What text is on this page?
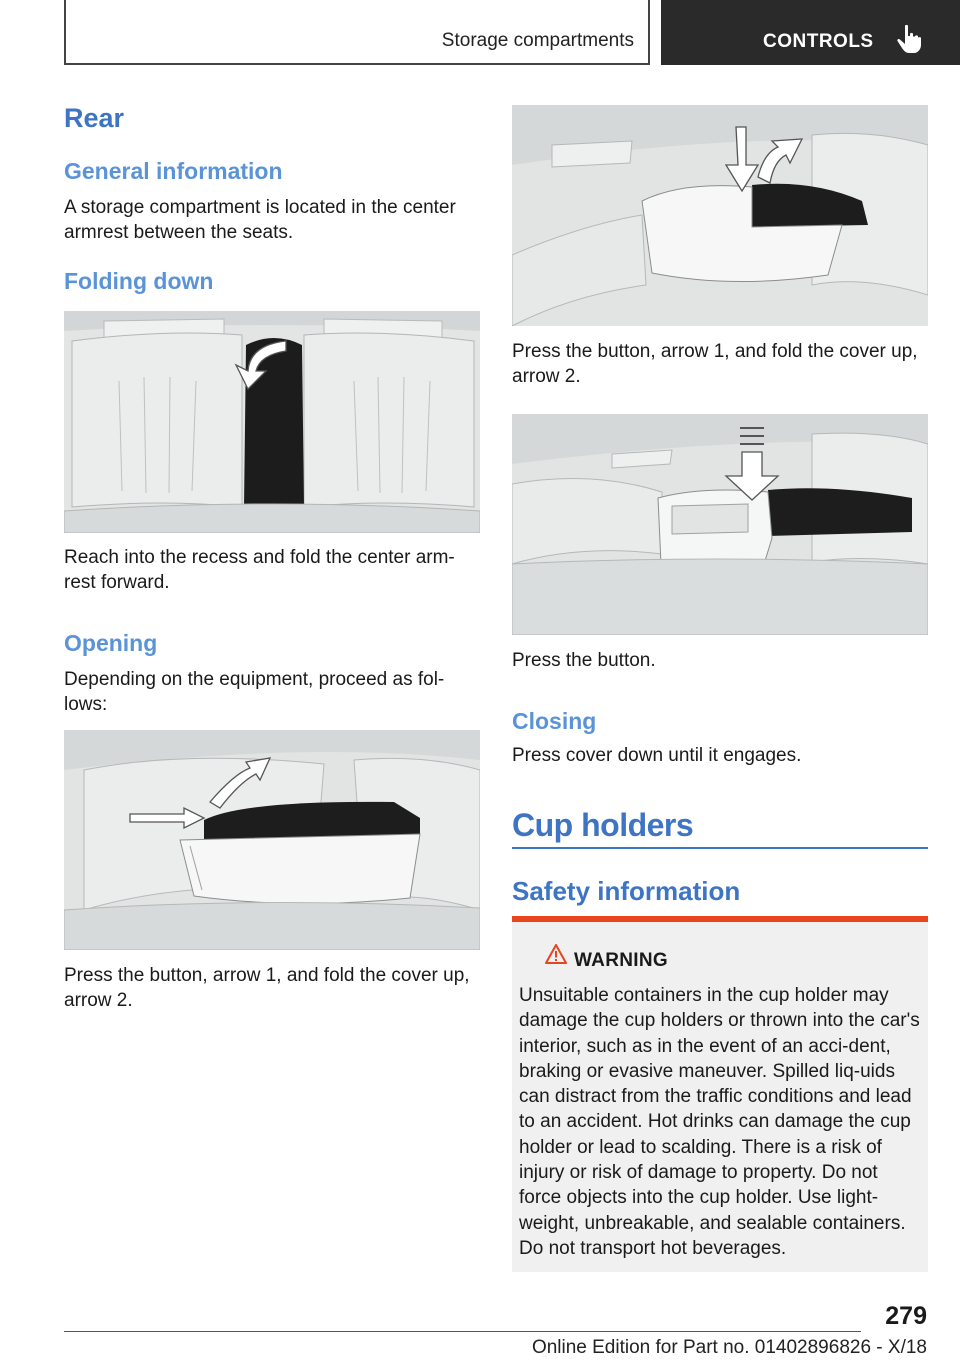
Storage compartments	CONTROLS
Rear
General information
A storage compartment is located in the center armrest between the seats.
Folding down
Reach into the recess and fold the center arm-rest forward.
Opening
Depending on the equipment, proceed as fol-lows:
Press the button, arrow 1, and fold the cover up, arrow 2.
Press the button, arrow 1, and fold the cover up, arrow 2.
Press the button.
Closing
Press cover down until it engages.
Cup holders
Safety information
WARNING
Unsuitable containers in the cup holder may damage the cup holders or thrown into the car's interior, such as in the event of an acci-dent, braking or evasive maneuver. Spilled liq-uids can distract from the traffic conditions and lead to an accident. Hot drinks can damage the cup holder or lead to scalding. There is a risk of injury or risk of damage to property. Do not force objects into the cup holder. Use light-weight, unbreakable, and sealable containers. Do not transport hot beverages.
279
Online Edition for Part no. 01402896826 - X/18
